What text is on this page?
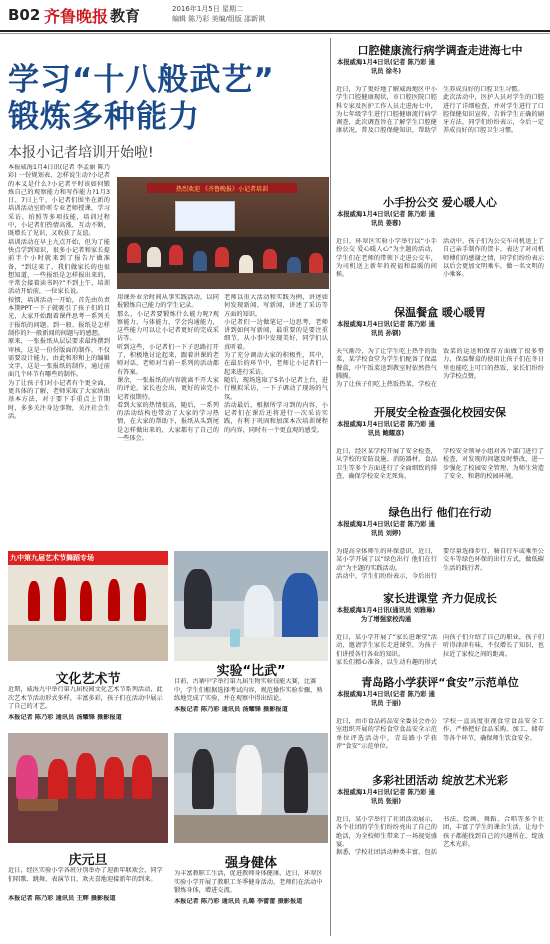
B02 齐鲁晚报 教育	2016年1月5日 星期二
编辑 陈乃彩 美编/组版 邵新祺
学习“十八般武艺”
锻炼多种能力
本报小记者培训开始啦!
本报威海1月4日讯(记者 李孟丽 陈乃彩) 一份规划表、怎样说生动?小记者的本义是什么?小记者平时该如何锻炼自己的观察能力和写作能力?1月3日、7日上午，小记者们围坐在新的培训活动室聆听专业老师授课，学习采访、拍照等多项技能，培训过程中，小记者们热情高涨，互动不断，既增长了见识，又收获了友谊。
培训活动在早上九点开始，但为了能快点学到知识，很多小记者和家长提前半个小时就来到了报告厅做准备，“到这来了，我们做家长的也很想知道，一些报纸是怎样报出来的，平常会接着读书吗?”不到上午，培训活动开始前，一位家长说。
按惯，培训活动一开始，首先由负责本期PPT一下子就吸引了孩子们的目光，大家开始跟着课件思考一系列关于报纸的问题。到一般、报纸是怎样制作的?一般新闻的间题与的感想。
原来，一张报纸从层层要求最终撰到审核，这是一份份版面的制作，不仅需要设计能力，由此和形和上的编辑文字，这是一张报纸的制作，通过前面几个环节有哪些的制作。
为了让孩子们对小记者有个更全面，更具体的了解，老师采取了大家纳出基本方法，对于要下手重点上节期时，多多关注身边事物，关注社会生活。
热烈欢迎 《齐鲁晚报》小记者培训
用课外业余时间从事实践活动，以同报锻炼自己能力的学生记录。
那么，小记者要锻炼什么能力呢?观察能力，与体能力，学会沟通能力，这些能力可以让小记者更好的完成采访等。
听到这些，小记者们一下子思路打开了，积极地讨论起来，跟着讲课的老师对话，老师对当前一系列的活动都有答案。
课余，一张报纸的内容就离不开大家的评论，家长也会出，更好的读完小记者很期待。
看到大家的热情很高，随后，一系列的活动结构也带动了大家的学习热情，在大家的帮助下，报纸从头到尾是怎样做出来的，大家都有了自己的一些体会。
老师以重大活动和实践为例，讲述如何发现新闻、写新闻，讲述了采访等方面的知识。
小记者们一边做笔记一边思考，老师讲到如何写新闻，最重要的是要注重细节，从小事中发现美好，同学们认真听着。
为了充分调动大家的积极性，其中，在最后的环节中，老师让小记者们一起来进行采访。
随后，现场选取了5名小记者上台，进行模拟采访，一下子调动了现场的气氛。
活动最后，根据所学习到的内容，小记者们在课后还将进行一次采访实践，有利于巩固和加深本次培训课程的内容，同时有一个更直观的感受。
九中第九届艺术节舞蹈专场
文化艺术节
实验“比武”
近期，威海九中举行第九届校园文化艺术节系列活动，此次艺术节活动形式多样，丰富多彩，孩子们在活动中展示了自己的才艺。
本报记者 陈乃彩 通讯员 汤耀锋 摄影报道
目前，古寨中学举行第九届生物实验技能大赛，比赛中，学生们根据选择考试内容，规范操作实验步骤，熟练地完成了实验，并在观察中得出结论。
本报记者 陈乃彩 通讯员 汤耀锋 摄影报道
庆元旦
近日，经区实验小学各班分别举办了迎新年联欢会，同学们唱歌、跳舞、表演节目，欢天喜地迎接新年的到来。
本报记者 陈乃彩 通讯员 王辉 摄影报道
强身健体
为丰富教职工生活，促进教师身体健康，近日，环翠区实验小学开展了教职工冬季健身活动，老师们在活动中锻炼身体，增进交流。
本报记者 陈乃彩 通讯员 孔璐 李蕾蕾 摄影报道
口腔健康流行病学调查走进海七中
本报威海1月4日讯(记者 陈乃彩 通讯员 徐冬)
近日，为了更好地了解威海地区中小学生口腔健康现状，市口腔医院口腔科专家及医护工作人员走进海七中，为七年级学生进行口腔健康流行病学调查，此次调查旨在了解学生口腔健康状况，普及口腔保健知识，帮助学生养成良好的口腔卫生习惯。
此次活动中，医护人员对学生的口腔进行了详细检查，并对学生进行了口腔保健知识宣传，告诉学生正确的刷牙方法，同学们纷纷表示，今后一定养成良好的口腔卫生习惯。
小手扮公交 爱心暖人心
本报威海1月4日讯(记者 陈乃彩 通讯员 姜蓉)
近日，环翠区实验小学举行以“小手扮公交 爱心暖人心”为主题的活动，学生们在老师的带领下走进公交车，为司机送上新年的祝福和温暖的问候。
活动中，孩子们为公交车司机送上了自己亲手制作的贺卡，表达了对司机师傅们的感谢之情，同学们纷纷表示以后会更加文明乘车，做一名文明的小乘客。
保温餐盒 暖心暖胃
本报威海1月4日讯(记者 陈乃彩 通讯员 孙钢)
天气渐冷，为了让学生吃上热乎的饭菜，某学校食堂为学生们配备了保温餐盒，中午饭菜送到教室时依然热气腾腾。
为了让孩子们吃上热饭热菜，学校在饭菜的运送和保存方面做了很多努力，保温餐盒的使用让孩子们在冬日里也能吃上可口的热饭，家长们纷纷为学校点赞。
开展安全检查强化校园安保
本报威海1月4日讯(记者 陈乃彩 通讯员 鲍耀彦)
近日，经区某学校开展了安全检查，从学校的安防设施、消防器材、食品卫生等多个方面进行了全面细致的排查，确保学校安全无死角。
学校安全领导小组对各个部门进行了检查，对发现的问题及时整改，进一步强化了校园安全管理，为师生营造了安全、和谐的校园环境。
绿色出行 他们在行动
本报威海1月4日讯(记者 陈乃彩 通讯员 刘婷)
为提高全体师生的环保意识，近日，某小学开展了以“绿色出行 他们在行动”为主题的实践活动。
活动中，学生们纷纷表示，今后出行要尽量选择步行、骑自行车或乘坐公交车等绿色环保的出行方式，做低碳生活的践行者。
家长进课堂 齐力促成长
本报威海1月4日讯(通讯员 刘雅琳) 为了增强家校沟通
近日，某小学开展了“家长进课堂”活动，邀请学生家长走进课堂，为孩子们讲授各行各业的知识。
家长们精心准备，以生动有趣的形式向孩子们介绍了自己的职业，孩子们听得津津有味，不仅增长了知识，也拉近了家校之间的距离。
青岛路小学获评“食安”示范单位
本报威海1月4日讯(记者 陈乃彩 通讯员 于丽)
近日，由市食品药品安全委员会办公室组织开展的学校食堂食品安全示范单位评选活动中，青岛路小学获评“食安”示范单位。
学校一直高度重视食堂食品安全工作，严格把好食品采购、加工、储存等各个环节，确保师生饮食安全。
多彩社团活动 绽放艺术光彩
本报威海1月4日讯(记者 陈乃彩 通讯员 张丽)
近日，某小学举行了社团活动展示，各个社团的学生们纷纷亮出了自己的绝活，为全校师生带来了一场视觉盛宴。
据悉，学校社团活动种类丰富，包括书法、绘画、舞蹈、合唱等多个社团，丰富了学生的课余生活，让每个孩子都能找到自己的兴趣所在，绽放艺术光彩。
